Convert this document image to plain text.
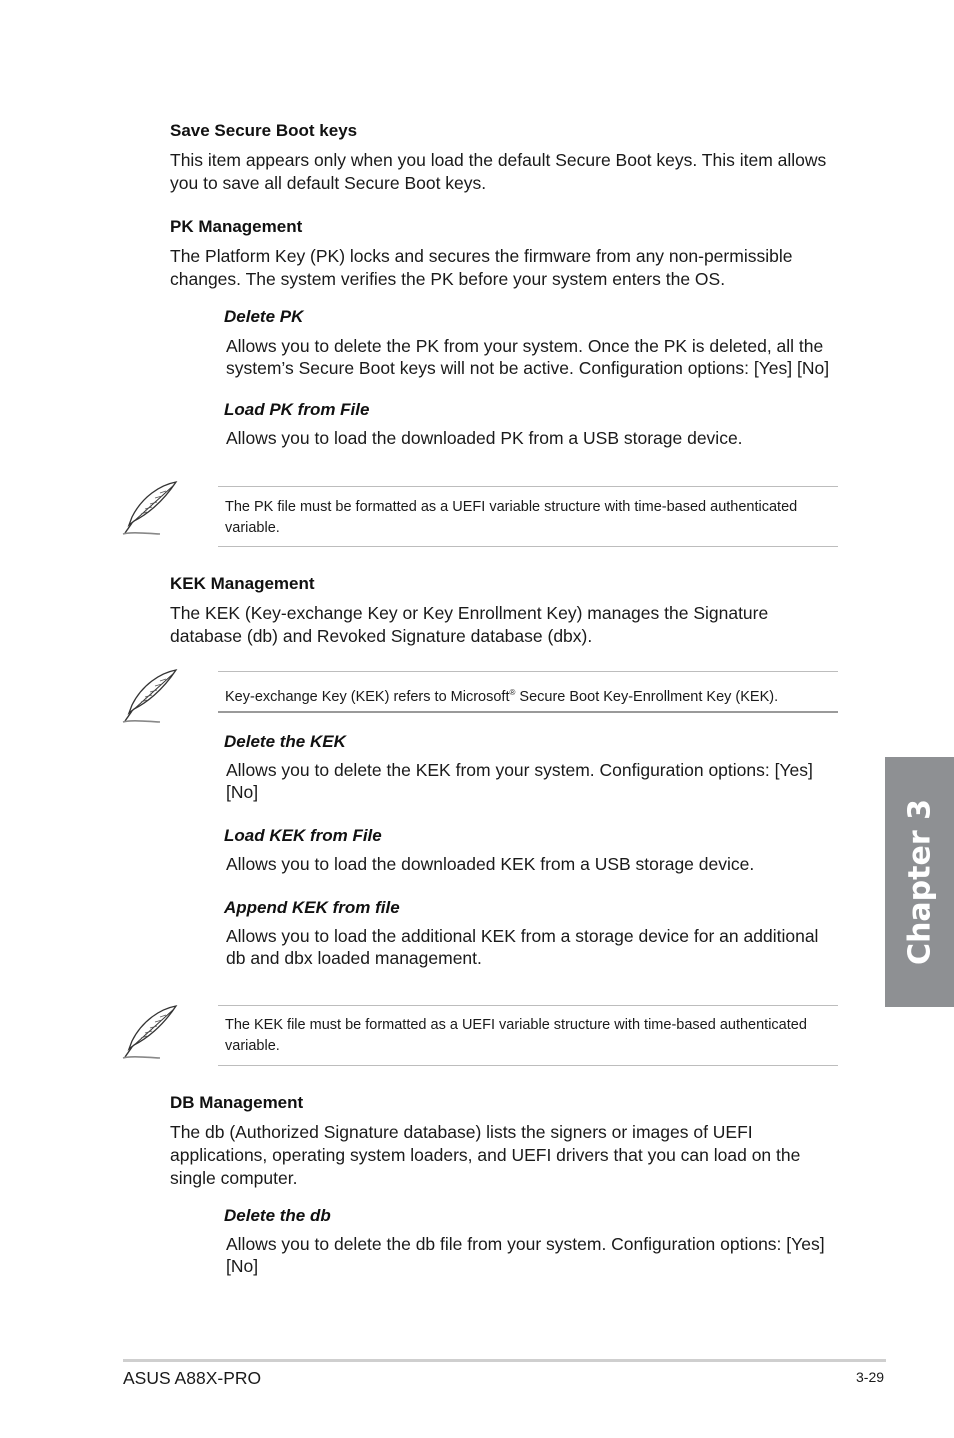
Save Secure Boot keys
This item appears only when you load the default Secure Boot keys. This item allows you to save all default Secure Boot keys.
PK Management
The Platform Key (PK) locks and secures the firmware from any non-permissible changes. The system verifies the PK before your system enters the OS.
Delete PK
Allows you to delete the PK from your system. Once the PK is deleted, all the system’s Secure Boot keys will not be active. Configuration options: [Yes] [No]
Load PK from File
Allows you to load the downloaded PK from a USB storage device.
The PK file must be formatted as a UEFI variable structure with time-based authenticated variable.
KEK Management
The KEK (Key-exchange Key or Key Enrollment Key) manages the Signature database (db) and Revoked Signature database (dbx).
Key-exchange Key (KEK) refers to Microsoft® Secure Boot Key-Enrollment Key (KEK).
Delete the KEK
Allows you to delete the KEK from your system. Configuration options: [Yes] [No]
Load KEK from File
Allows you to load the downloaded KEK from a USB storage device.
Append KEK from file
Allows you to load the additional KEK from a storage device for an additional db and dbx loaded management.
The KEK file must be formatted as a UEFI variable structure with time-based authenticated variable.
DB Management
The db (Authorized Signature database) lists the signers or images of UEFI applications, operating system loaders, and UEFI drivers that you can load on the single computer.
Delete the db
Allows you to delete the db file from your system. Configuration options: [Yes] [No]
Chapter 3
ASUS A88X-PRO	3-29
